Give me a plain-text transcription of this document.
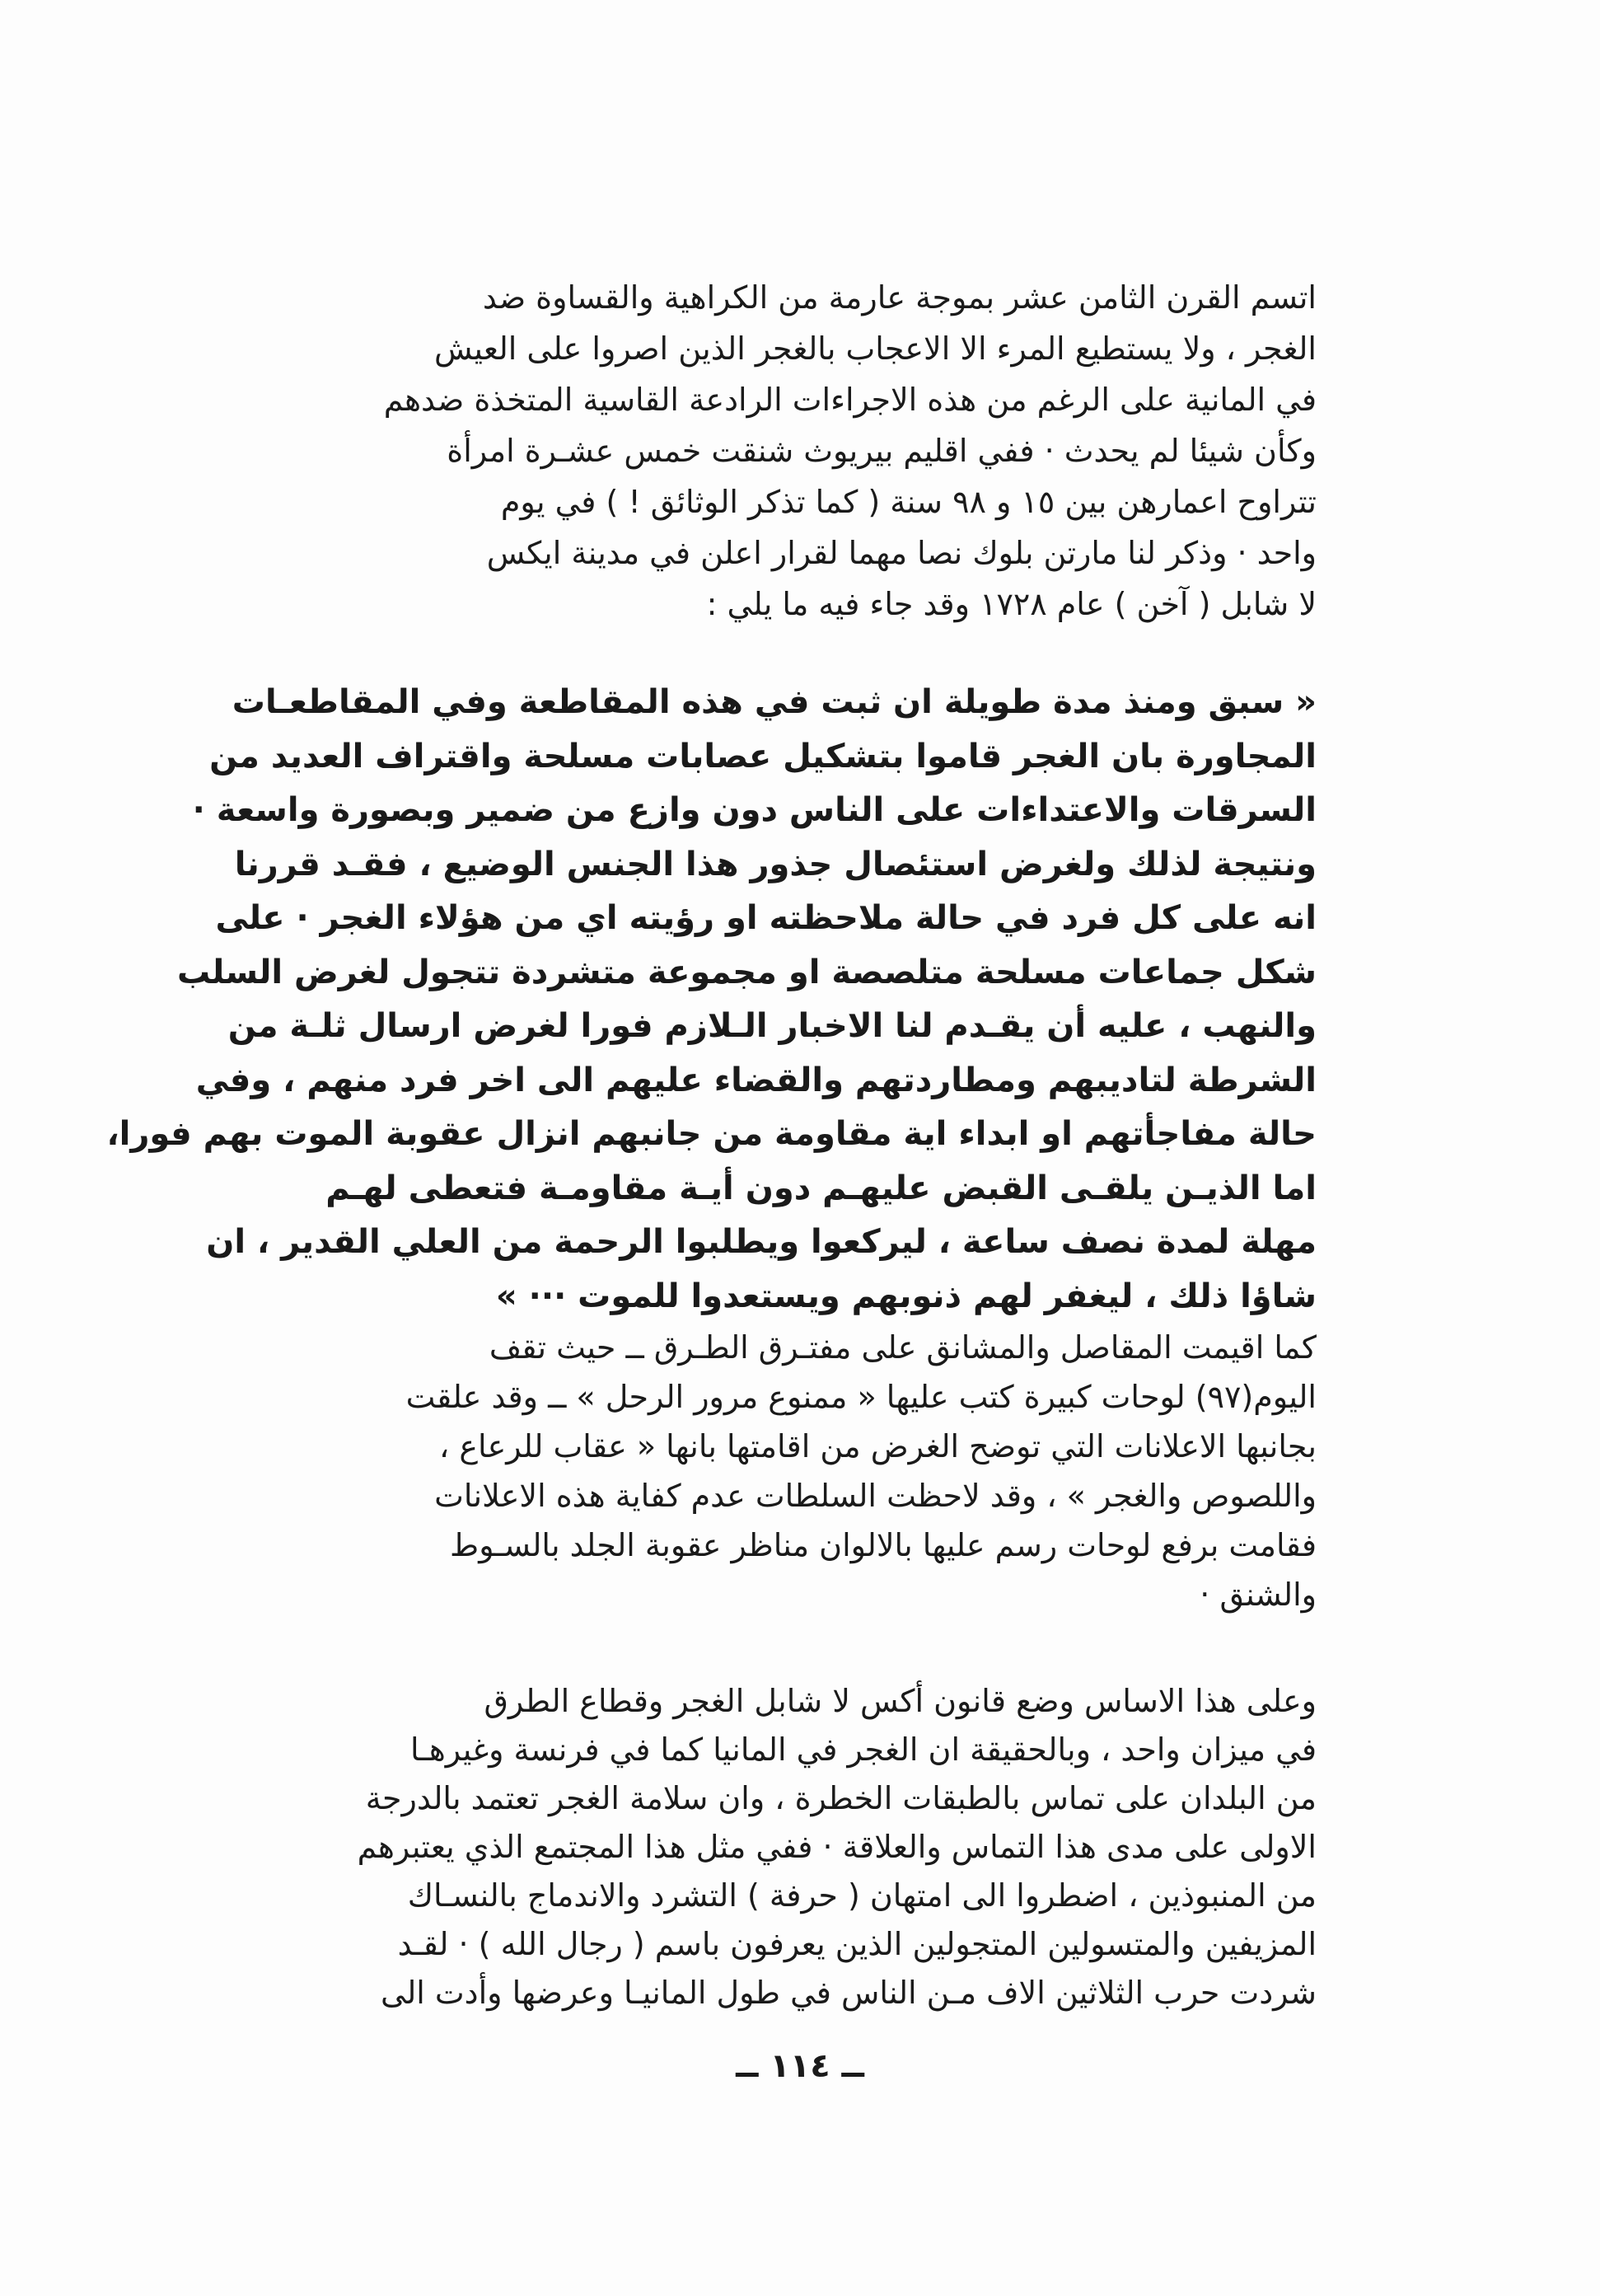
اتسم القرن الثامن عشر بموجة عارمة من الكراهية والقساوة ضد
الغجر ، ولا يستطيع المرء الا الاعجاب بالغجر الذين اصروا على العيش
في المانية على الرغم من هذه الاجراءات الرادعة القاسية المتخذة ضدهم
وكأن شيئا لم يحدث · ففي اقليم بيريوث شنقت خمس عشـرة امرأة
تتراوح اعمارهن بين ١٥ و ٩٨ سنة ( كما تذكر الوثائق ! ) في يوم
واحد · وذكر لنا مارتن بلوك نصا مهما لقرار اعلن في مدينة ايكس
لا شابل ( آخن ) عام ١٧٢٨ وقد جاء فيه ما يلي :
« سبق ومنذ مدة طويلة ان ثبت في هذه المقاطعة وفي المقاطعـات
المجاورة بان الغجر قاموا بتشكيل عصابات مسلحة واقتراف العديد من
السرقات والاعتداءات على الناس دون وازع من ضمير وبصورة واسعة ·
ونتيجة لذلك ولغرض استئصال جذور هذا الجنس الوضيع ، فقـد قررنا
انه على كل فرد في حالة ملاحظته او رؤيته اي من هؤلاء الغجر · على
شكل جماعات مسلحة متلصصة او مجموعة متشردة تتجول لغرض السلب
والنهب ، عليه أن يقـدم لنا الاخبار الـلازم فورا لغرض ارسال ثلـة من
الشرطة لتاديبهم ومطاردتهم والقضاء عليهم الى اخر فرد منهم ، وفي
حالة مفاجأتهم او ابداء اية مقاومة من جانبهم انزال عقوبة الموت بهم فورا،
اما الذيـن يلقـى القبض عليهـم دون أيـة مقاومـة فتعطى لهـم
مهلة لمدة نصف ساعة ، ليركعوا ويطلبوا الرحمة من العلي القدير ، ان
شاؤا ذلك ، ليغفر لهم ذنوبهم ويستعدوا للموت ··· »
كما اقيمت المقاصل والمشانق على مفتـرق الطـرق ــ حيث تقف
اليوم(٩٧) لوحات كبيرة كتب عليها « ممنوع مرور الرحل » ــ وقد علقت
بجانبها الاعلانات التي توضح الغرض من اقامتها بانها « عقاب للرعاع ،
واللصوص والغجر » ، وقد لاحظت السلطات عدم كفاية هذه الاعلانات
فقامت برفع لوحات رسم عليها بالالوان مناظر عقوبة الجلد بالسـوط
والشنق ·
وعلى هذا الاساس وضع قانون أكس لا شابل الغجر وقطاع الطرق
في ميزان واحد ، وبالحقيقة ان الغجر في المانيا كما في فرنسة وغيرهـا
من البلدان على تماس بالطبقات الخطرة ، وان سلامة الغجر تعتمد بالدرجة
الاولى على مدى هذا التماس والعلاقة · ففي مثل هذا المجتمع الذي يعتبرهم
من المنبوذين ، اضطروا الى امتهان ( حرفة ) التشرد والاندماج بالنسـاك
المزيفين والمتسولين المتجولين الذين يعرفون باسم ( رجال الله ) · لقـد
شردت حرب الثلاثين الاف مـن الناس في طول المانيـا وعرضها وأدت الى
ــ ١١٤ ــ
